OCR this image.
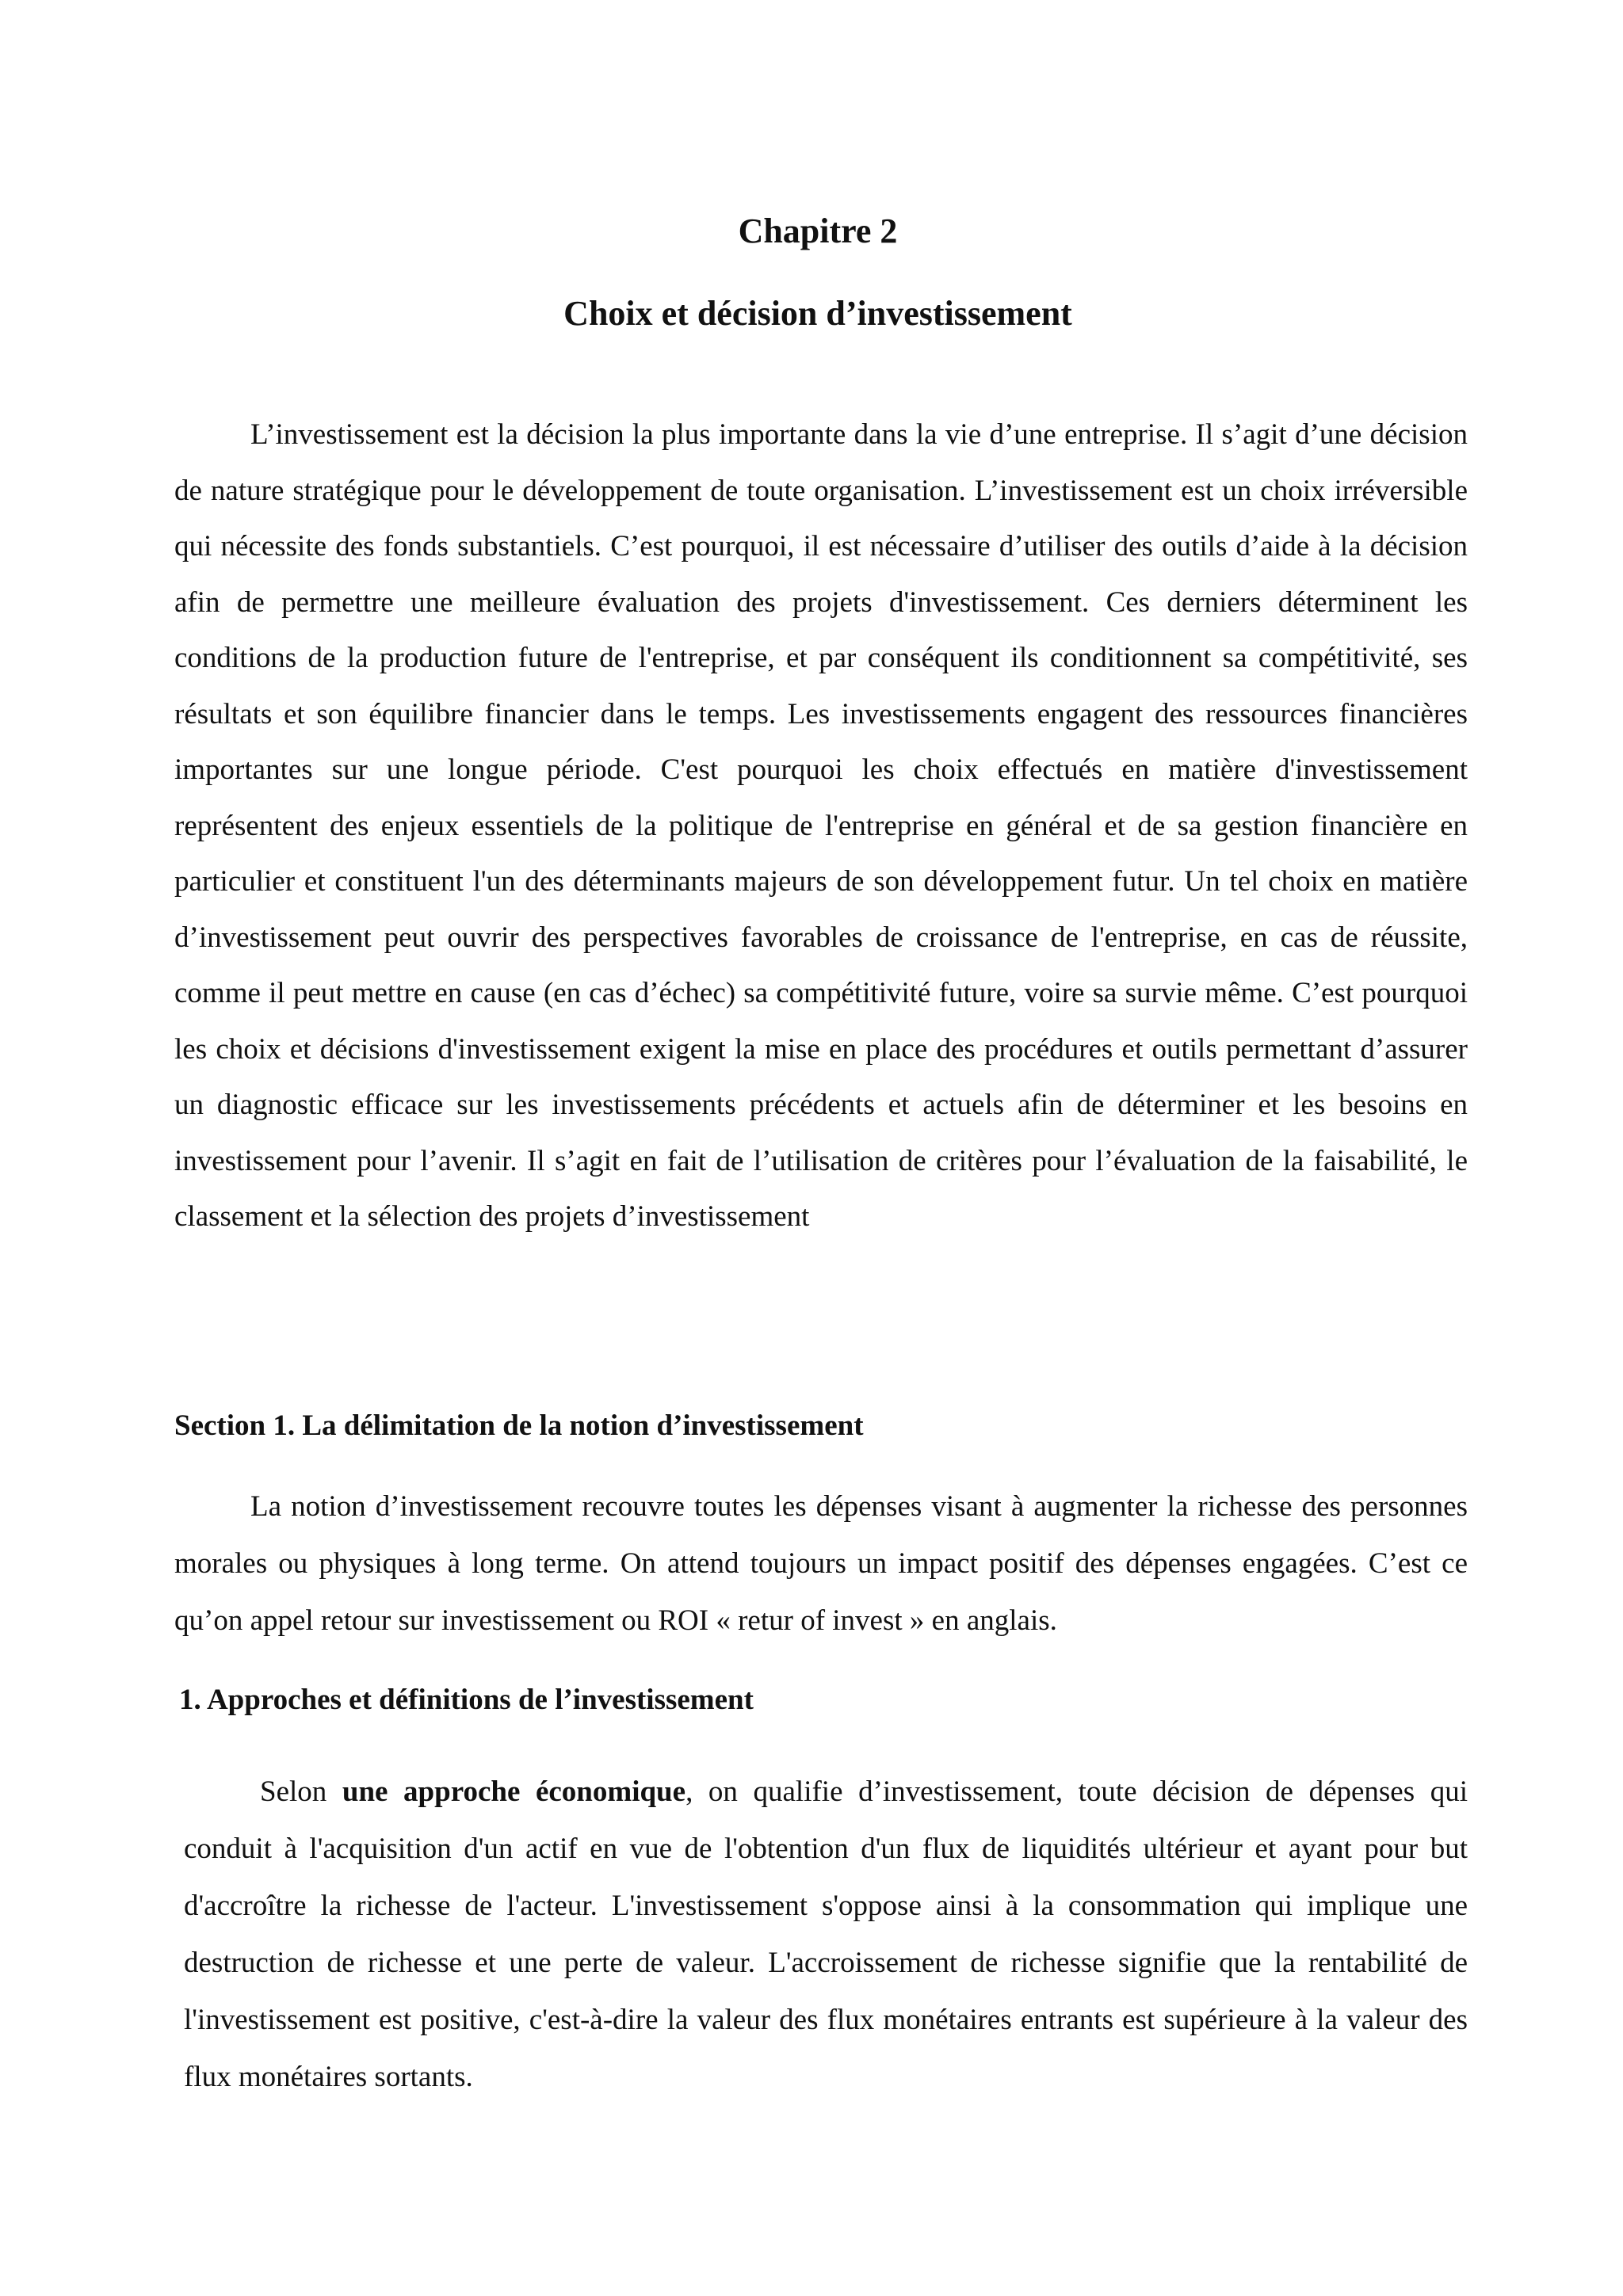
Chapitre 2
Choix et décision d’investissement

L’investissement est la décision la plus importante dans la vie d’une entreprise. Il s’agit d’une décision de nature stratégique pour le développement de toute organisation. L’investissement est un choix irréversible qui nécessite des fonds substantiels. C’est pourquoi, il est nécessaire d’utiliser des outils d’aide à la décision afin de permettre une meilleure évaluation des projets d'investissement. Ces derniers déterminent les conditions de la production future de l'entreprise, et par conséquent ils conditionnent sa compétitivité, ses résultats et son équilibre financier dans le temps. Les investissements engagent des ressources financières importantes sur une longue période. C'est pourquoi les choix effectués en matière d'investissement représentent des enjeux essentiels de la politique de l'entreprise en général et de sa gestion financière en particulier et constituent l'un des déterminants majeurs de son développement futur. Un tel choix en matière d’investissement peut ouvrir des perspectives favorables de croissance de l'entreprise, en cas de réussite, comme il peut mettre en cause (en cas d’échec) sa compétitivité future, voire sa survie même. C’est pourquoi les choix et décisions d'investissement exigent la mise en place des procédures et outils permettant d’assurer un diagnostic efficace sur les investissements précédents et actuels afin de déterminer et les besoins en investissement pour l’avenir. Il s’agit en fait de l’utilisation de critères pour l’évaluation de la faisabilité, le classement et la sélection des projets d’investissement

Section 1. La délimitation de la notion d’investissement

La notion d’investissement recouvre toutes les dépenses visant à augmenter la richesse des personnes morales ou physiques à long terme. On attend toujours un impact positif des dépenses engagées. C’est ce qu’on appel retour sur investissement ou ROI « retur of invest » en anglais.

1. Approches et définitions de l’investissement

Selon une approche économique, on qualifie d’investissement, toute décision de dépenses qui conduit à l'acquisition d'un actif en vue de l'obtention d'un flux de liquidités ultérieur et ayant pour but d'accroître la richesse de l'acteur. L'investissement s'oppose ainsi à la consommation qui implique une destruction de richesse et une perte de valeur. L'accroissement de richesse signifie que la rentabilité de l'investissement est positive, c'est-à-dire la valeur des flux monétaires entrants est supérieure à la valeur des flux monétaires sortants.
